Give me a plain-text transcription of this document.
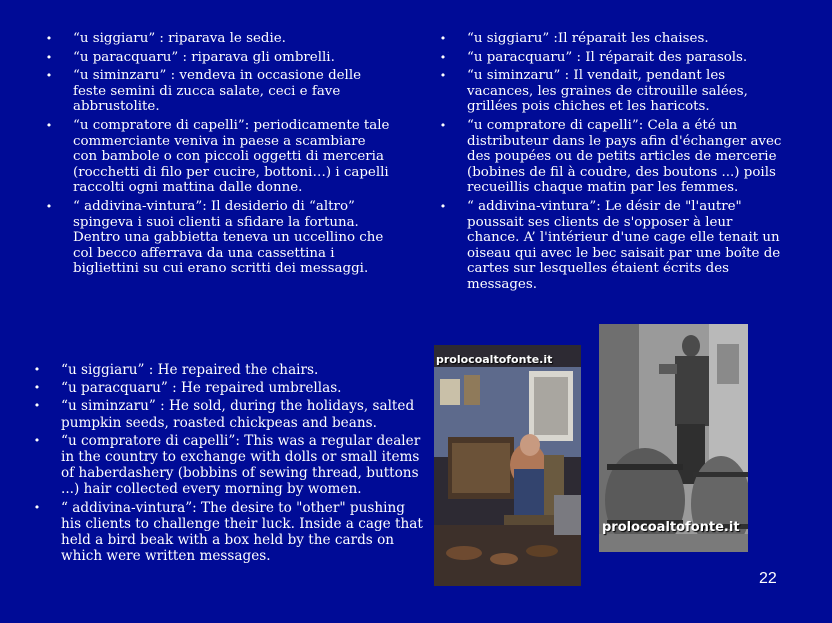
• “u siggiaru” : riparava le sedie.
• “u paracquaru” : riparava gli ombrelli.
• “u siminzaru” : vendeva in occasione delle feste semini di zucca salate, ceci e fave abbrustolite.
• “u compratore di capelli”: periodicamente tale commerciante veniva in paese a scambiare con bambole o con piccoli oggetti di merceria (rocchetti di filo per cucire, bottoni…) i capelli raccolti ogni mattina dalle donne.
• “ addivina-vintura”: Il desiderio di “altro” spingeva i suoi clienti a sfidare la fortuna. Dentro una gabbietta teneva un uccellino che col becco afferrava da una cassettina i bigliettini su cui erano scritti dei messaggi.
• “u siggiaru” :Il réparait les chaises.
• “u paracquaru” : Il réparait des parasols.
• “u siminzaru” : Il vendait, pendant les vacances, les graines de citrouille salées, grillées pois chiches et les haricots.
• “u compratore di capelli”: Cela a été un distributeur dans le pays afin d'échanger avec des poupées ou de petits articles de mercerie (bobines de fil à coudre, des boutons ...) poils recueillis chaque matin par les femmes.
• “ addivina-vintura”: Le désir de "l'autre" poussait ses clients de s'opposer à leur chance. A’ l'intérieur d'une cage elle tenait un oiseau qui avec le bec saisait par une boîte de cartes sur lesquelles étaient écrits des messages.
• “u siggiaru” : He repaired the chairs.
• “u paracquaru” : He repaired umbrellas.
• “u siminzaru” : He sold, during the holidays, salted pumpkin seeds, roasted chickpeas and beans.
• “u compratore di capelli”: This was a regular dealer in the country to exchange with dolls or small items of haberdashery (bobbins of sewing thread, buttons ...) hair collected every morning by women.
• “ addivina-vintura”: The desire to "other" pushing his clients to challenge their luck. Inside a cage that held a bird beak with a box held by the cards on which were written messages.
prolocoaltofonte.it
prolocoaltofonte.it
22
